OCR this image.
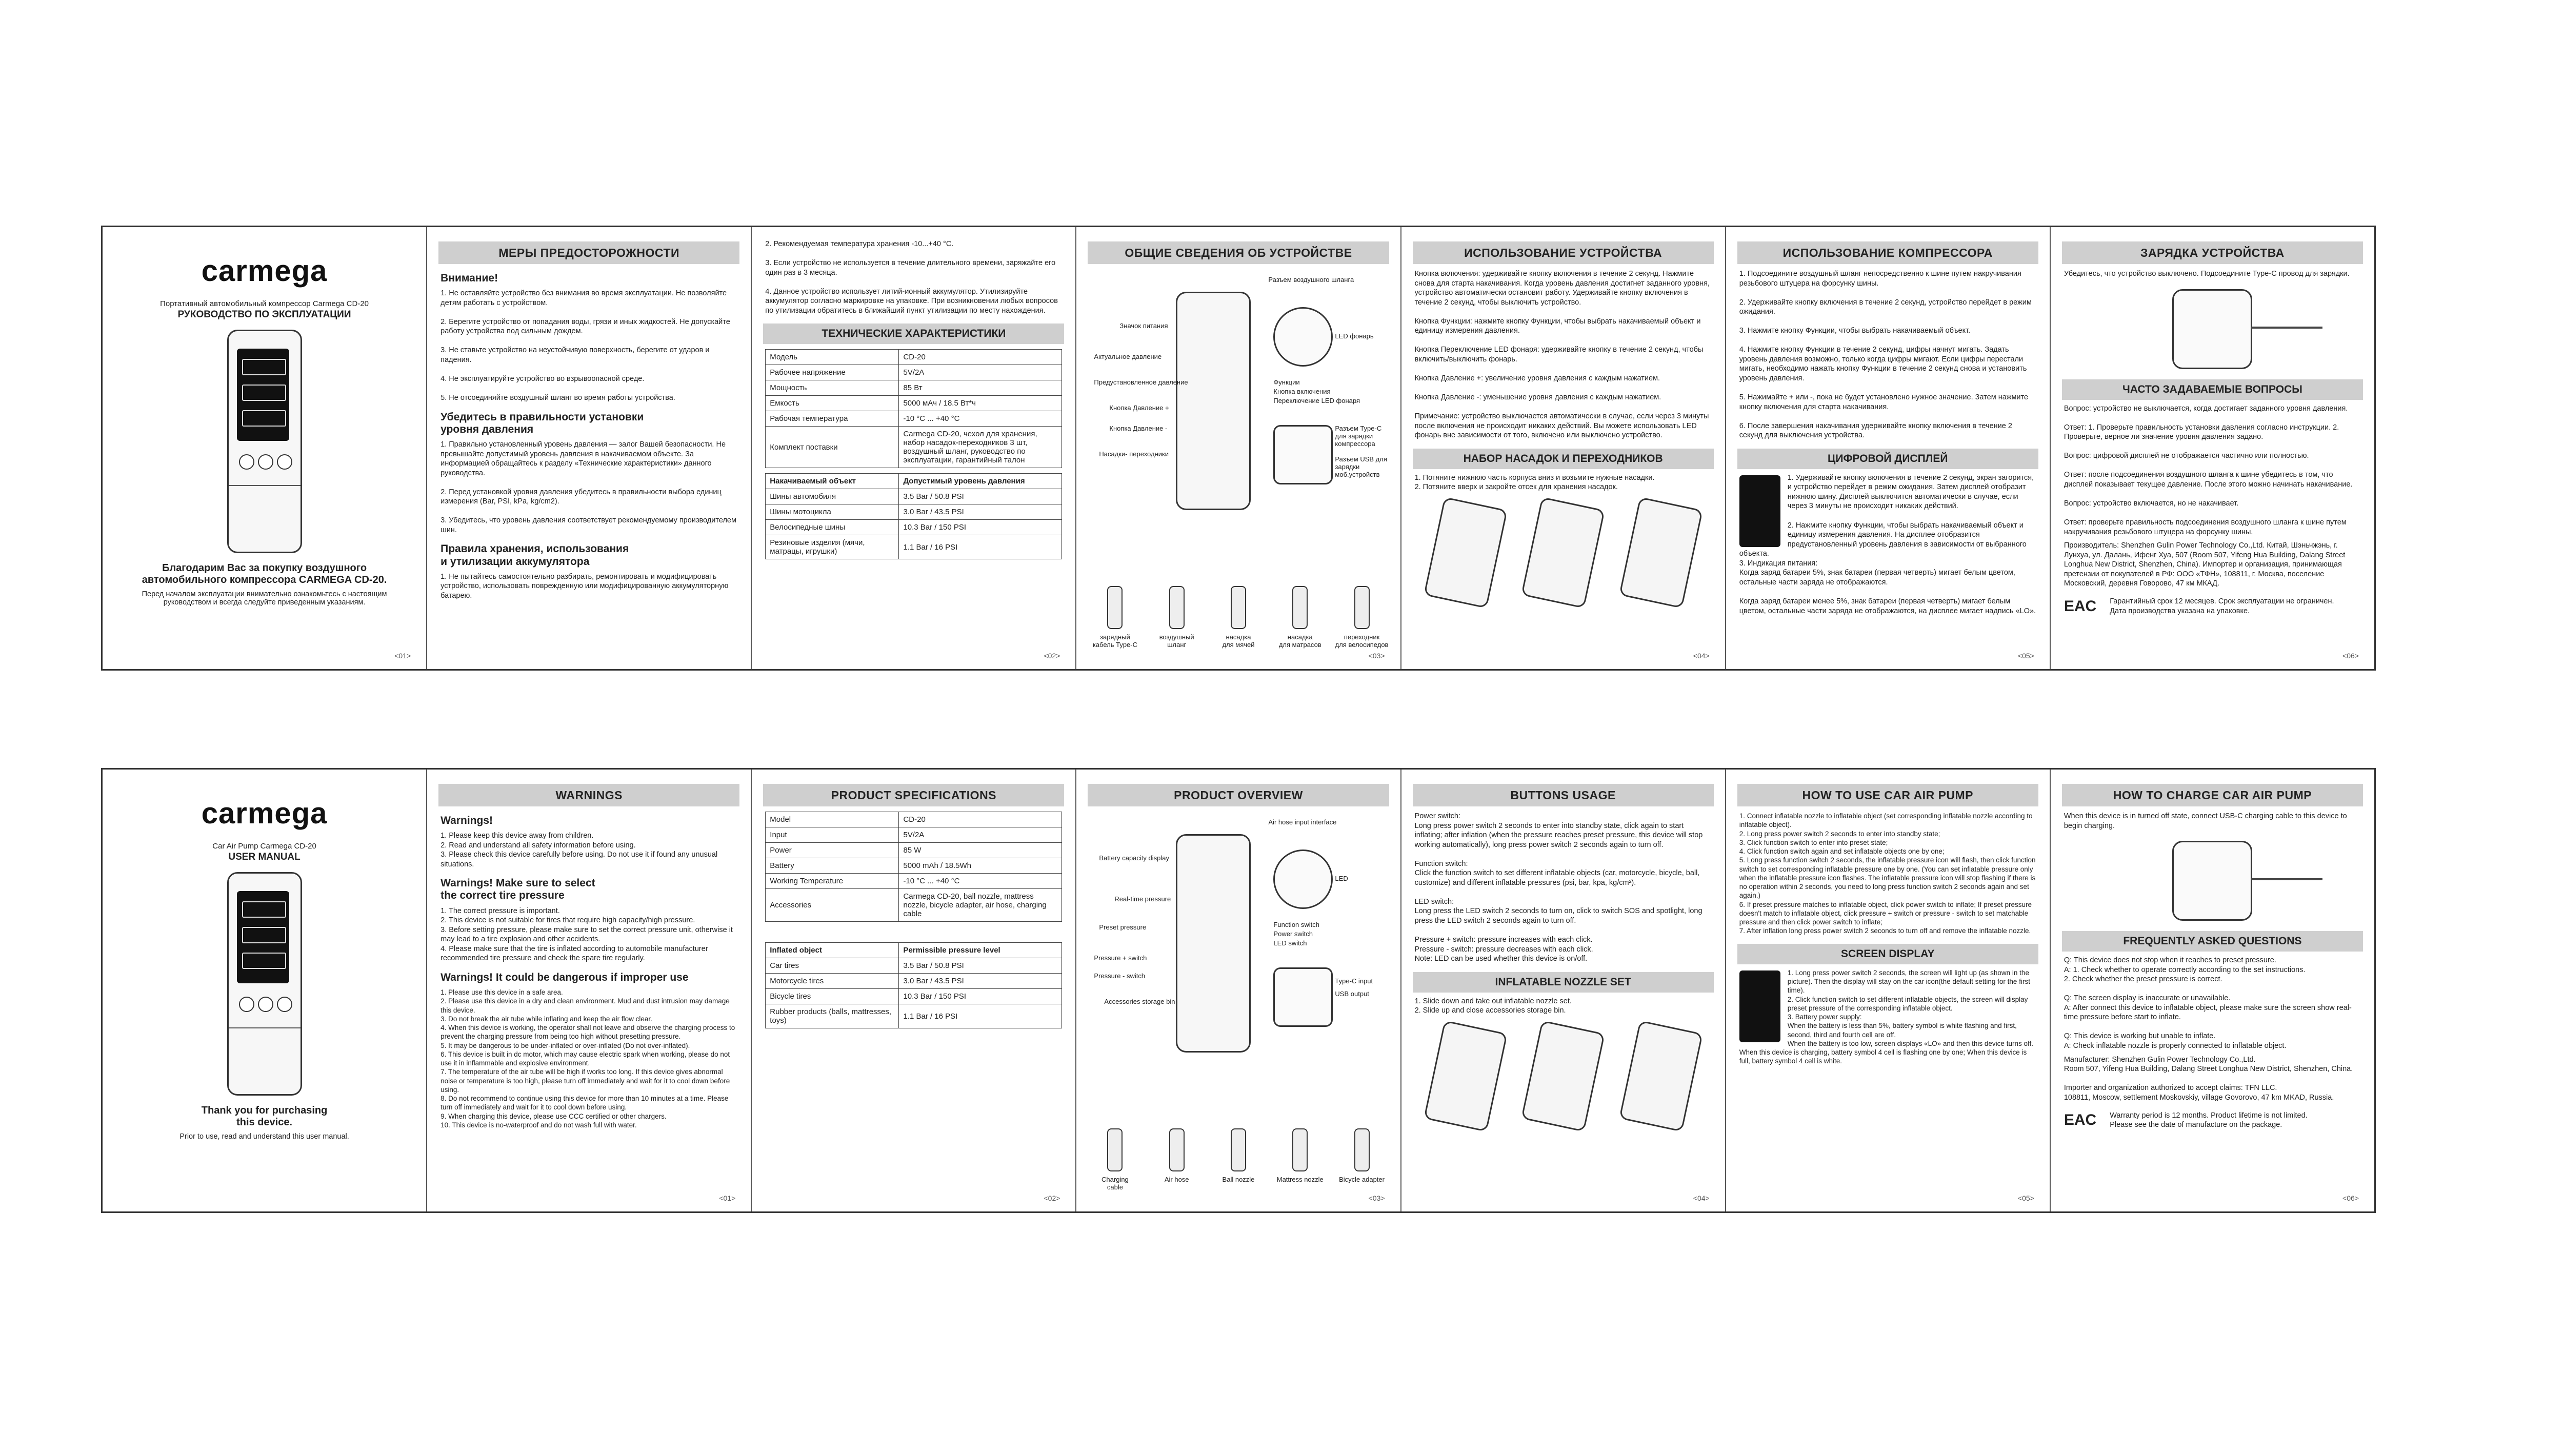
carmega
Портативный автомобильный компрессор Carmega CD-20
РУКОВОДСТВО ПО ЭКСПЛУАТАЦИИ
Благодарим Вас за покупку воздушного
автомобильного компрессора CARMEGA CD-20.
Перед началом эксплуатации внимательно ознакомьтесь с настоящим
руководством и всегда следуйте приведенным указаниям.
<01>
МЕРЫ ПРЕДОСТОРОЖНОСТИ
Внимание!
1. Не оставляйте устройство без внимания во время эксплуатации. Не позволяйте детям работать с устройством.

2. Берегите устройство от попадания воды, грязи и иных жидкостей. Не допускайте работу устройства под сильным дождем.

3. Не ставьте устройство на неустойчивую поверхность, берегите от ударов и падения.

4. Не эксплуатируйте устройство во взрывоопасной среде.

5. Не отсоединяйте воздушный шланг во время работы устройства.
Убедитесь в правильности установки
уровня давления
1. Правильно установленный уровень давления — залог Вашей безопасности. Не превышайте допустимый уровень давления в накачиваемом объекте. За информацией обращайтесь к разделу «Технические характеристики» данного руководства.

2. Перед установкой уровня давления убедитесь в правильности выбора единиц измерения (Bar, PSI, kPa, kg/cm2).

3. Убедитесь, что уровень давления соответствует рекомендуемому производителем шин.
Правила хранения, использования
и утилизации аккумулятора
1. Не пытайтесь самостоятельно разбирать, ремонтировать и модифицировать устройство, использовать поврежденную или модифицированную аккумуляторную батарею.
2. Рекомендуемая температура хранения -10...+40 °С.

3. Если устройство не используется в течение длительного времени, заряжайте его один раз в 3 месяца.

4. Данное устройство использует литий-ионный аккумулятор. Утилизируйте аккумулятор согласно маркировке на упаковке. При возникновении любых вопросов по утилизации обратитесь в ближайший пункт утилизации по месту нахождения.
ТЕХНИЧЕСКИЕ ХАРАКТЕРИСТИКИ
Модель	CD-20
Рабочее напряжение	5V/2A
Мощность	85 Вт
Емкость	5000 мАч / 18.5 Вт*ч
Рабочая температура	-10 °С ... +40 °С
Комплект поставки	Carmega CD-20, чехол для хранения, набор насадок-переходников 3 шт, воздушный шланг, руководство по эксплуатации, гарантийный талон
Накачиваемый объект	Допустимый уровень давления
Шины автомобиля	3.5 Bar / 50.8 PSI
Шины мотоцикла	3.0 Bar / 43.5 PSI
Велосипедные шины	10.3 Bar / 150 PSI
Резиновые изделия (мячи, матрацы, игрушки)	1.1 Bar / 16 PSI
<02>
ОБЩИЕ СВЕДЕНИЯ ОБ УСТРОЙСТВЕ
Значок питания
Актуальное давление
Предустановленное давление
Кнопка Давление +
Кнопка Давление -
Насадки- переходники
Разъем воздушного шланга
LED фонарь
Функции
Кнопка включения
Переключение LED фонаря
Разъем Type-C для зарядки компрессора
Разъем USB для зарядки моб.устройств
зарядный
кабель Type-C
воздушный
шланг
насадка
для мячей
насадка
для матрасов
переходник
для велосипедов
<03>
ИСПОЛЬЗОВАНИЕ УСТРОЙСТВА
Кнопка включения: удерживайте кнопку включения в течение 2 секунд. Нажмите снова для старта накачивания. Когда уровень давления достигнет заданного уровня, устройство автоматически остановит работу. Удерживайте кнопку включения в течение 2 секунд, чтобы выключить устройство.

Кнопка Функции: нажмите кнопку Функции, чтобы выбрать накачиваемый объект и единицу измерения давления.

Кнопка Переключение LED фонаря: удерживайте кнопку в течение 2 секунд, чтобы включить/выключить фонарь.

Кнопка Давление +: увеличение уровня давления с каждым нажатием.

Кнопка Давление -: уменьшение уровня давления с каждым нажатием.

Примечание: устройство выключается автоматически в случае, если через 3 минуты после включения не происходит никаких действий. Вы можете использовать LED фонарь вне зависимости от того, включено или выключено устройство.
НАБОР НАСАДОК И ПЕРЕХОДНИКОВ
1. Потяните нижнюю часть корпуса вниз и возьмите нужные насадки.
2. Потяните вверх и закройте отсек для хранения насадок.
<04>
ИСПОЛЬЗОВАНИЕ КОМПРЕССОРА
1. Подсоедините воздушный шланг непосредственно к шине путем накручивания резьбового штуцера на форсунку шины.

2. Удерживайте кнопку включения в течение 2 секунд, устройство перейдет в режим ожидания.

3. Нажмите кнопку Функции, чтобы выбрать накачиваемый объект.

4. Нажмите кнопку Функции в течение 2 секунд, цифры начнут мигать. Задать уровень давления возможно, только когда цифры мигают. Если цифры перестали мигать, необходимо нажать кнопку Функции в течение 2 секунд снова и установить уровень давления.

5. Нажимайте + или -, пока не будет установлено нужное значение. Затем нажмите кнопку включения для старта накачивания.

6. После завершения накачивания удерживайте кнопку включения в течение 2 секунд для выключения устройства.
ЦИФРОВОЙ ДИСПЛЕЙ
1. Удерживайте кнопку включения в течение 2 секунд, экран загорится, и устройство перейдет в режим ожидания. Затем дисплей отобразит нижнюю шину. Дисплей выключится автоматически в случае, если через 3 минуты не происходит никаких действий.

2. Нажмите кнопку Функции, чтобы выбрать накачиваемый объект и единицу измерения давления. На дисплее отобразится предустановленный уровень давления в зависимости от выбранного объекта.
3. Индикация питания:
Когда заряд батареи 5%, знак батареи (первая четверть) мигает белым цветом, остальные части заряда не отображаются.

Когда заряд батареи менее 5%, знак батареи (первая четверть) мигает белым цветом, остальные части заряда не отображаются, на дисплее мигает надпись «LO».
<05>
ЗАРЯДКА УСТРОЙСТВА
Убедитесь, что устройство выключено. Подсоедините Type-C провод для зарядки.
ЧАСТО ЗАДАВАЕМЫЕ ВОПРОСЫ
Вопрос: устройство не выключается, когда достигает заданного уровня давления.

Ответ: 1. Проверьте правильность установки давления согласно инструкции. 2. Проверьте, верное ли значение уровня давления задано.

Вопрос: цифровой дисплей не отображается частично или полностью.

Ответ: после подсоединения воздушного шланга к шине убедитесь в том, что дисплей показывает текущее давление. После этого можно начинать накачивание.

Вопрос: устройство включается, но не накачивает.

Ответ: проверьте правильность подсоединения воздушного шланга к шине путем накручивания резьбового штуцера на форсунку шины.
Производитель: Shenzhen Gulin Power Technology Co.,Ltd. Китай, Шэньчжэнь, г. Лунхуа, ул. Далань, Ифенг Хуа, 507 (Room 507, Yifeng Hua Building, Dalang Street Longhua New District, Shenzhen, China). Импортер и организация, принимающая претензии от покупателей в РФ: ООО «ТФН», 108811, г. Москва, поселение Московский, деревня Говорово, 47 км МКАД.
EAC Гарантийный срок 12 месяцев. Срок эксплуатации не ограничен.
Дата производства указана на упаковке.
<06>
carmega
Car Air Pump Carmega CD-20
USER MANUAL
Thank you for purchasing
this device.
Prior to use, read and understand this user manual.
WARNINGS
Warnings!
1. Please keep this device away from children.
2. Read and understand all safety information before using.
3. Please check this device carefully before using. Do not use it if found any unusual situations.
Warnings! Make sure to select
the correct tire pressure
1. The correct pressure is important.
2. This device is not suitable for tires that require high capacity/high pressure.
3. Before setting pressure, please make sure to set the correct pressure unit, otherwise it may lead to a tire explosion and other accidents.
4. Please make sure that the tire is inflated according to automobile manufacturer recommended tire pressure and check the spare tire regularly.
Warnings! It could be dangerous if improper use
1. Please use this device in a safe area.
2. Please use this device in a dry and clean environment. Mud and dust intrusion may damage this device.
3. Do not break the air tube while inflating and keep the air flow clear.
4. When this device is working, the operator shall not leave and observe the charging process to prevent the charging pressure from being too high without presetting pressure.
5. It may be dangerous to be under-inflated or over-inflated (Do not over-inflated).
6. This device is built in dc motor, which may cause electric spark when working, please do not use it in inflammable and explosive environment.
7. The temperature of the air tube will be high if works too long. If this device gives abnormal noise or temperature is too high, please turn off immediately and wait for it to cool down before using.
8. Do not recommend to continue using this device for more than 10 minutes at a time. Please turn off immediately and wait for it to cool down before using.
9. When charging this device, please use CCC certified or other chargers.
10. This device is no-waterproof and do not wash full with water.
<01>
PRODUCT SPECIFICATIONS
Model	CD-20
Input	5V/2A
Power	85 W
Battery	5000 mAh / 18.5Wh
Working Temperature	-10 °C ... +40 °C
Accessories	Carmega CD-20, ball nozzle, mattress nozzle, bicycle adapter, air hose, charging cable
Inflated object	Permissible pressure level
Car tires	3.5 Bar / 50.8 PSI
Motorcycle tires	3.0 Bar / 43.5 PSI
Bicycle tires	10.3 Bar / 150 PSI
Rubber products (balls, mattresses, toys)	1.1 Bar / 16 PSI
<02>
PRODUCT OVERVIEW
Battery capacity display
Real-time pressure
Preset pressure
Pressure + switch
Pressure - switch
Accessories storage bin
Air hose input interface
LED
Function switch
Power switch
LED switch
Type-C input
USB output
Charging
cable
Air hose	Ball nozzle	Mattress nozzle	Bicycle adapter
<03>
BUTTONS USAGE
Power switch:
Long press power switch 2 seconds to enter into standby state, click again to start inflating; after inflation (when the pressure reaches preset pressure, this device will stop working automatically), long press power switch 2 seconds again to turn off.

Function switch:
Click the function switch to set different inflatable objects (car, motorcycle, bicycle, ball, customize) and different inflatable pressures (psi, bar, kpa, kg/cm²).

LED switch:
Long press the LED switch 2 seconds to turn on, click to switch SOS and spotlight, long press the LED switch 2 seconds again to turn off.

Pressure + switch: pressure increases with each click.
Pressure - switch: pressure decreases with each click.
Note: LED can be used whether this device is on/off.
INFLATABLE NOZZLE SET
1. Slide down and take out inflatable nozzle set.
2. Slide up and close accessories storage bin.
<04>
HOW TO USE CAR AIR PUMP
1. Connect inflatable nozzle to inflatable object (set corresponding inflatable nozzle according to inflatable object).
2. Long press power switch 2 seconds to enter into standby state;
3. Click function switch to enter into preset state;
4. Click function switch again and set inflatable objects one by one;
5. Long press function switch 2 seconds, the inflatable pressure icon will flash, then click function switch to set corresponding inflatable pressure one by one. (You can set inflatable pressure only when the inflatable pressure icon flashes. The inflatable pressure icon will stop flashing if there is no operation within 2 seconds, you need to long press function switch 2 seconds again and set again.)
6. If preset pressure matches to inflatable object, click power switch to inflate; If preset pressure doesn't match to inflatable object, click pressure + switch or pressure - switch to set matchable pressure and then click power switch to inflate;
7. After inflation long press power switch 2 seconds to turn off and remove the inflatable nozzle.
SCREEN DISPLAY
1. Long press power switch 2 seconds, the screen will light up (as shown in the picture). Then the display will stay on the car icon(the default setting for the first time).
2. Click function switch to set different inflatable objects, the screen will display preset pressure of the corresponding inflatable object.
3. Battery power supply:
When the battery is less than 5%, battery symbol is white flashing and first, second, third and fourth cell are off.
When the battery is too low, screen displays «LO» and then this device turns off. When this device is charging, battery symbol 4 cell is flashing one by one; When this device is full, battery symbol 4 cell is white.
<05>
HOW TO CHARGE CAR AIR PUMP
When this device is in turned off state, connect USB-C charging cable to this device to begin charging.
FREQUENTLY ASKED QUESTIONS
Q: This device does not stop when it reaches to preset pressure.
A: 1. Check whether to operate correctly according to the set instructions.
2. Check whether the preset pressure is correct.

Q: The screen display is inaccurate or unavailable.
A: After connect this device to inflatable object, please make sure the screen show real-time pressure before start to inflate.

Q: This device is working but unable to inflate.
A: Check inflatable nozzle is properly connected to inflatable object.
Manufacturer: Shenzhen Gulin Power Technology Co.,Ltd.
Room 507, Yifeng Hua Building, Dalang Street Longhua New District, Shenzhen, China.

Importer and organization authorized to accept claims: TFN LLC.
108811, Moscow, settlement Moskovskiy, village Govorovo, 47 km MKAD, Russia.
EAC Warranty period is 12 months. Product lifetime is not limited.
Please see the date of manufacture on the package.
<06>
